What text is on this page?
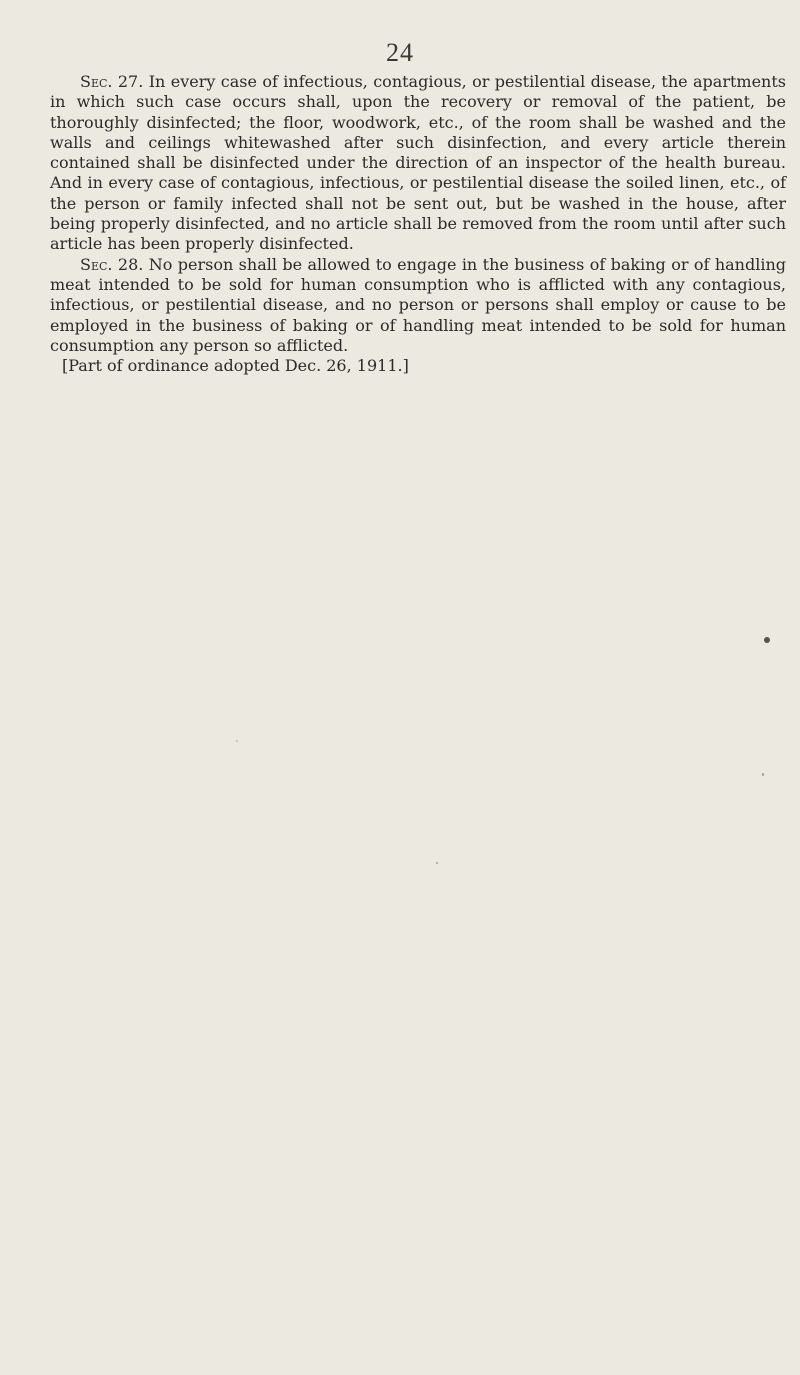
24

Sec. 27. In every case of infectious, contagious, or pestilential disease, the apartments in which such case occurs shall, upon the recovery or removal of the patient, be thoroughly disinfected; the floor, woodwork, etc., of the room shall be washed and the walls and ceilings whitewashed after such disinfection, and every article therein contained shall be disinfected under the direction of an inspector of the health bureau. And in every case of contagious, infectious, or pestilential disease the soiled linen, etc., of the person or family infected shall not be sent out, but be washed in the house, after being properly disinfected, and no article shall be removed from the room until after such article has been properly disinfected.

Sec. 28. No person shall be allowed to engage in the business of baking or of handling meat intended to be sold for human consumption who is afflicted with any contagious, infectious, or pestilential disease, and no person or persons shall employ or cause to be employed in the business of baking or of handling meat intended to be sold for human consumption any person so afflicted.

[Part of ordinance adopted Dec. 26, 1911.]
